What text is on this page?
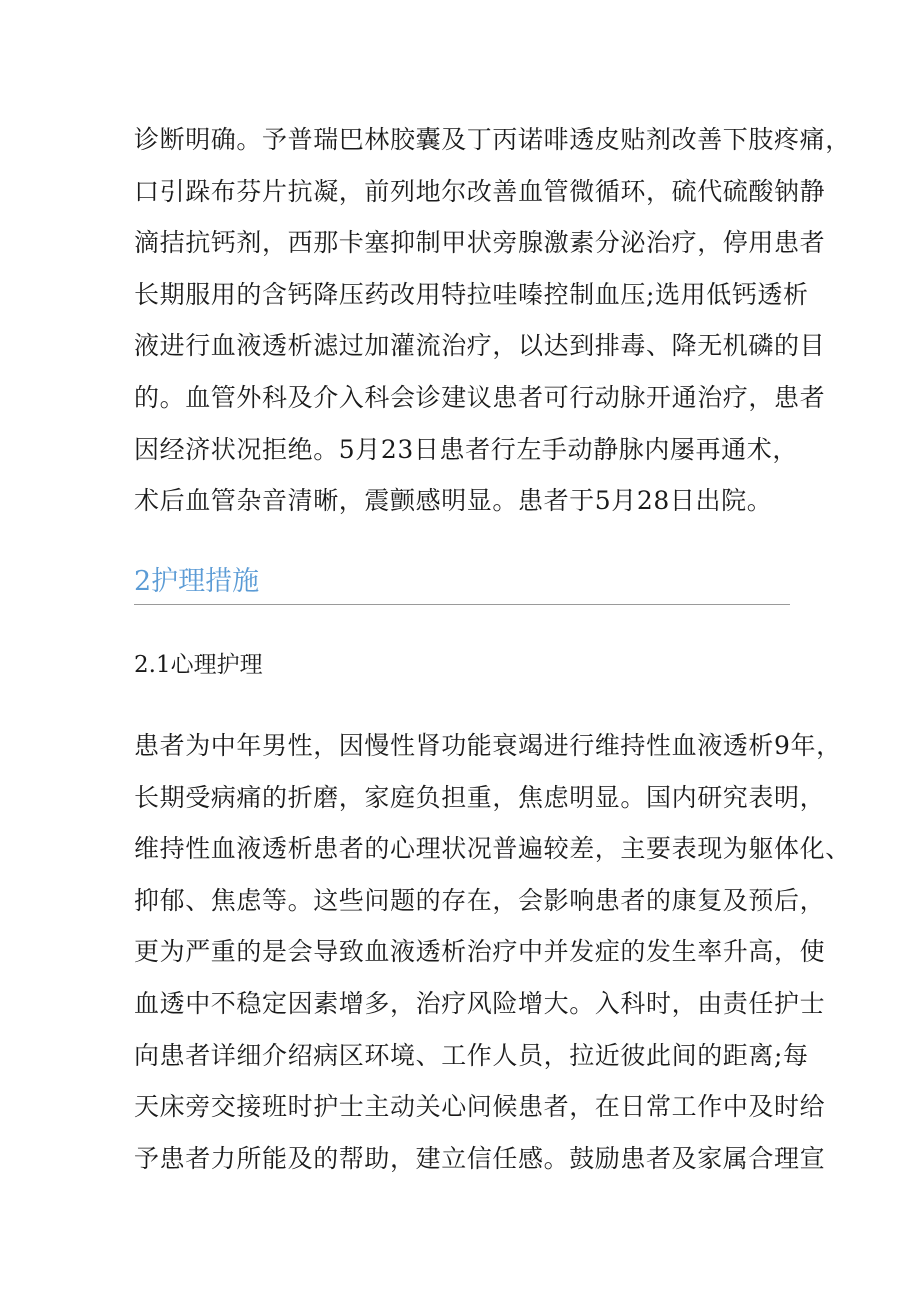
诊断明确。予普瑞巴林胶囊及丁丙诺啡透皮贴剂改善下肢疼痛，
口引跺布芬片抗凝，前列地尔改善血管微循环，硫代硫酸钠静
滴拮抗钙剂，西那卡塞抑制甲状旁腺激素分泌治疗，停用患者
长期服用的含钙降压药改用特拉哇嗪控制血压;选用低钙透析
液进行血液透析滤过加灌流治疗，以达到排毒、降无机磷的目
的。血管外科及介入科会诊建议患者可行动脉开通治疗，患者
因经济状况拒绝。5月23日患者行左手动静脉内屡再通术，
术后血管杂音清晰，震颤感明显。患者于5月28日出院。
2护理措施
2.1心理护理
患者为中年男性，因慢性肾功能衰竭进行维持性血液透析9年，
长期受病痛的折磨，家庭负担重，焦虑明显。国内研究表明，
维持性血液透析患者的心理状况普遍较差，主要表现为躯体化、
抑郁、焦虑等。这些问题的存在，会影响患者的康复及预后，
更为严重的是会导致血液透析治疗中并发症的发生率升高，使
血透中不稳定因素增多，治疗风险增大。入科时，由责任护士
向患者详细介绍病区环境、工作人员，拉近彼此间的距离;每
天床旁交接班时护士主动关心问候患者，在日常工作中及时给
予患者力所能及的帮助，建立信任感。鼓励患者及家属合理宣
